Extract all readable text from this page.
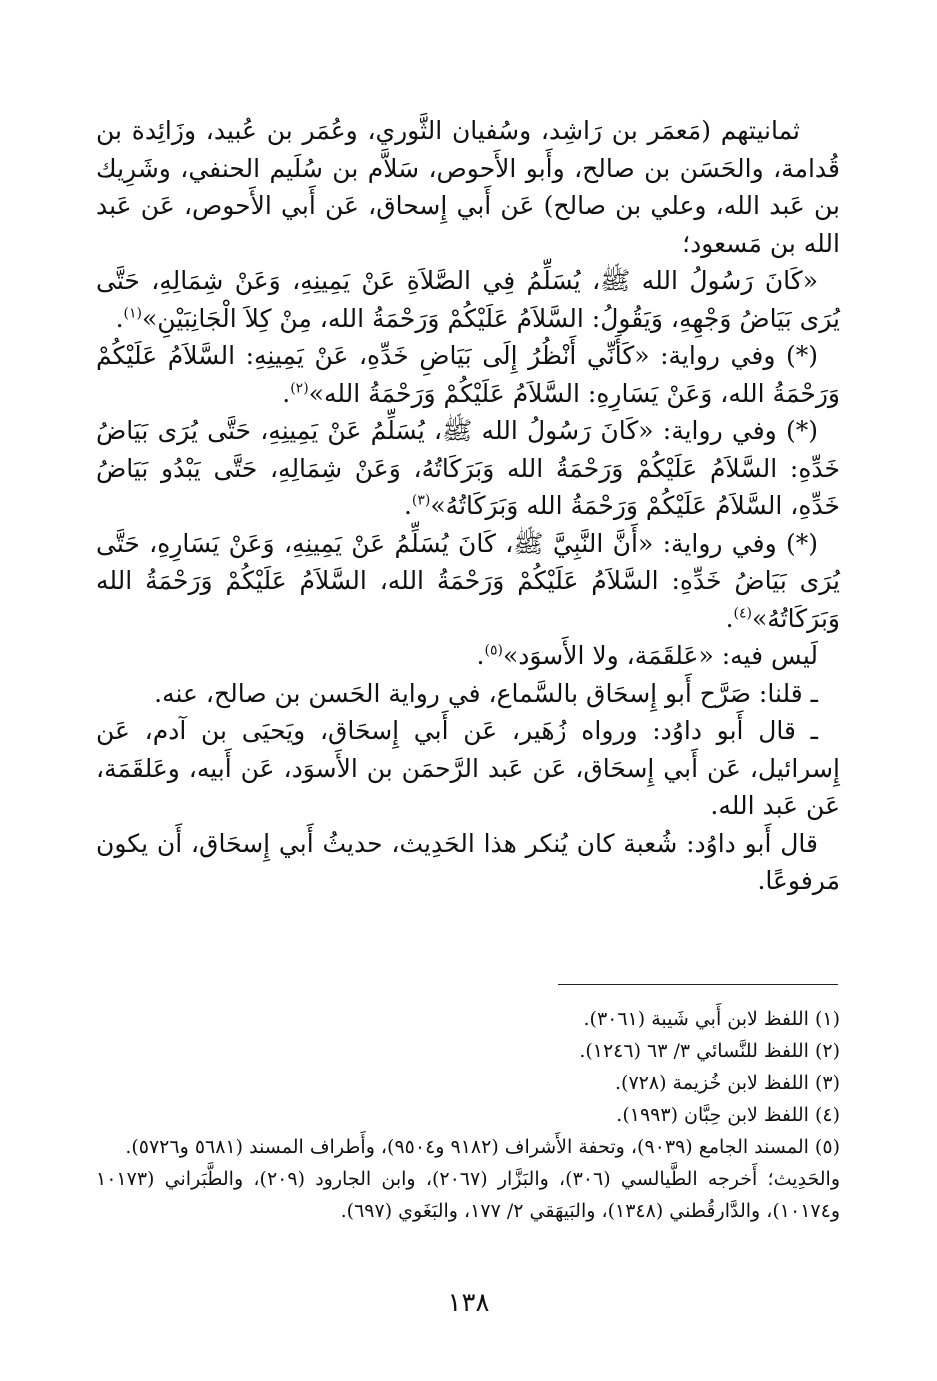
ثمانيتهم (مَعمَر بن رَاشِد، وسُفيان الثَّوري، وعُمَر بن عُبيد، وزَائِدة بن قُدامة، والحَسَن بن صالح، وأَبو الأَحوص، سَلاَّم بن سُلَيم الحنفي، وشَرِيك بن عَبد الله، وعلي بن صالح) عَن أَبي إِسحاق، عَن أَبي الأَحوص، عَن عَبد الله بن مَسعود؛

«كَانَ رَسُولُ الله ﷺ، يُسَلِّمُ فِي الصَّلاَةِ عَنْ يَمِينِهِ، وَعَنْ شِمَالِهِ، حَتَّى يُرَى بَيَاضُ وَجْهِهِ، وَيَقُولُ: السَّلاَمُ عَلَيْكُمْ وَرَحْمَةُ الله، مِنْ كِلاَ الْجَانِبَيْنِ»$^{(١)}$.

(*) وفي رواية: «كَأَنِّي أَنْظُرُ إِلَى بَيَاضِ خَدِّهِ، عَنْ يَمِينِهِ: السَّلاَمُ عَلَيْكُمْ وَرَحْمَةُ الله، وَعَنْ يَسَارِهِ: السَّلاَمُ عَلَيْكُمْ وَرَحْمَةُ الله»$^{(٢)}$.

(*) وفي رواية: «كَانَ رَسُولُ الله ﷺ، يُسَلِّمُ عَنْ يَمِينِهِ، حَتَّى يُرَى بَيَاضُ خَدِّهِ: السَّلاَمُ عَلَيْكُمْ وَرَحْمَةُ الله وَبَرَكَاتُهُ، وَعَنْ شِمَالِهِ، حَتَّى يَبْدُو بَيَاضُ خَدِّهِ، السَّلاَمُ عَلَيْكُمْ وَرَحْمَةُ الله وَبَرَكَاتُهُ»$^{(٣)}$.

(*) وفي رواية: «أَنَّ النَّبِيَّ ﷺ، كَانَ يُسَلِّمُ عَنْ يَمِينِهِ، وَعَنْ يَسَارِهِ، حَتَّى يُرَى بَيَاضُ خَدِّهِ: السَّلاَمُ عَلَيْكُمْ وَرَحْمَةُ الله، السَّلاَمُ عَلَيْكُمْ وَرَحْمَةُ الله وَبَرَكَاتُهُ»$^{(٤)}$.

لَيس فيه: «عَلقَمَة، ولا الأَسوَد»$^{(٥)}$.

ـ قلنا: صَرَّح أَبو إِسحَاق بالسَّماع، في رواية الحَسن بن صالح، عنه.

ـ قال أَبو داوُد: ورواه زُهَير، عَن أَبي إِسحَاق، ويَحيَى بن آدم، عَن إِسرائيل، عَن أَبي إِسحَاق، عَن عَبد الرَّحمَن بن الأَسوَد، عَن أَبيه، وعَلقَمَة، عَن عَبد الله.

قال أَبو داوُد: شُعبة كان يُنكر هذا الحَدِيث، حديثُ أَبي إِسحَاق، أَن يكون مَرفوعًا.

(١) اللفظ لابن أَبي شَيبة (٣٠٦١).

(٢) اللفظ للنَّسائي ٣/ ٦٣ (١٢٤٦).

(٣) اللفظ لابن خُزيمة (٧٢٨).

(٤) اللفظ لابن حِبَّان (١٩٩٣).

(٥) المسند الجامع (٩٠٣٩)، وتحفة الأَشراف (٩١٨٢ و٩٥٠٤)، وأَطراف المسند (٥٦٨١ و٥٧٢٦).

والحَدِيث؛ أَخرجه الطَّيالسي (٣٠٦)، والبَزَّار (٢٠٦٧)، وابن الجارود (٢٠٩)، والطَّبَراني (١٠١٧٣ و١٠١٧٤)، والدَّارقُطني (١٣٤٨)، والبَيهَقي ٢/ ١٧٧، والبَغَوي (٦٩٧).

١٣٨
